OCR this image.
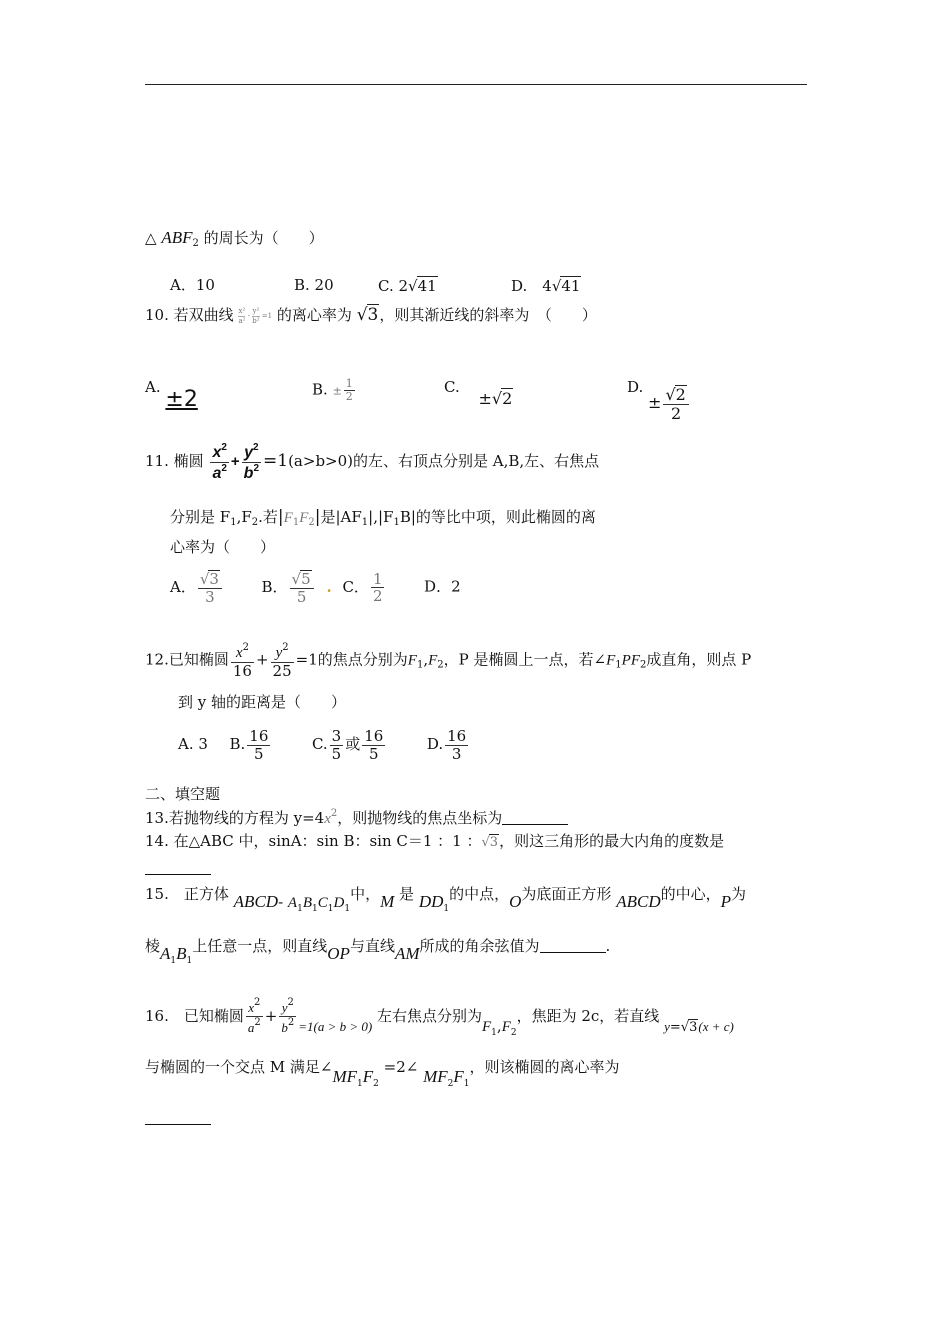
△ $ABF_2$ 的周长为（　　）
A．10	B. 20	C. 2√41	D.　 4√41
10. 若双曲线 $\frac{\text{x²}}{\text{a²}} - \frac{\text{y²}}{\text{b²}} =1$ 的离心率为 √3，则其渐近线的斜率为　（　　）
A. ±2	B. ± $\frac{1}{2}$	C. ±√2
D. ± $\frac{√2}{2}$
11. 椭圆 $\frac{x^2}{a^2} + \frac{y^2}{b^2} =1(a>b>0)$的左、右顶点分别是 A,B,左、右焦点
分别是 $F_1,F_2$.若$|F_1F_2|$是$|AF_1|,|F_1B|$的等比中项，则此椭圆的离
心率为（　　）
A． $\frac{√3}{3}$	B． $\frac{√5}{5}$ . C． $\frac{1}{2}$	D．2
12.已知椭圆 $\frac{x^2}{16} + \frac{y^2}{25} =1$的焦点分别为$F_1,F_2$，P 是椭圆上一点，若$\angle F_1PF_2$成直角，则点 P
到 y 轴的距离是（　　）
A. 3 B. $\frac{16}{5}$	C. $\frac{3}{5}$ 或 $\frac{16}{5}$	D. $\frac{16}{3}$
二、填空题
13.若抛物线的方程为 $y=4x^2$，则抛物线的焦点坐标为
14. 在△ABC 中，sinA：sin B：sin C＝1 ：1 ：√3，则这三角形的最大内角的度数是
15.　 正方体 ABCD- $A_1B_1C_1D_1$中，M 是 $DD_1$的中点，O为底面正方形 ABCD的中心，P为
棱$A_1B_1$上任意一点，则直线OP与直线AM所成的角余弦值为	.
16.　 已知椭圆 $\frac{x^2}{a^2} + \frac{y^2}{b^2} =1(a > b > 0)$ 左右焦点分别为$F_1,F_2$，焦距为 2c，若直线 y=√3(x + c)
与椭圆的一个交点 M 满足$\angle MF_1F_2$ =2∠ $MF_2F_1$，则该椭圆的离心率为
